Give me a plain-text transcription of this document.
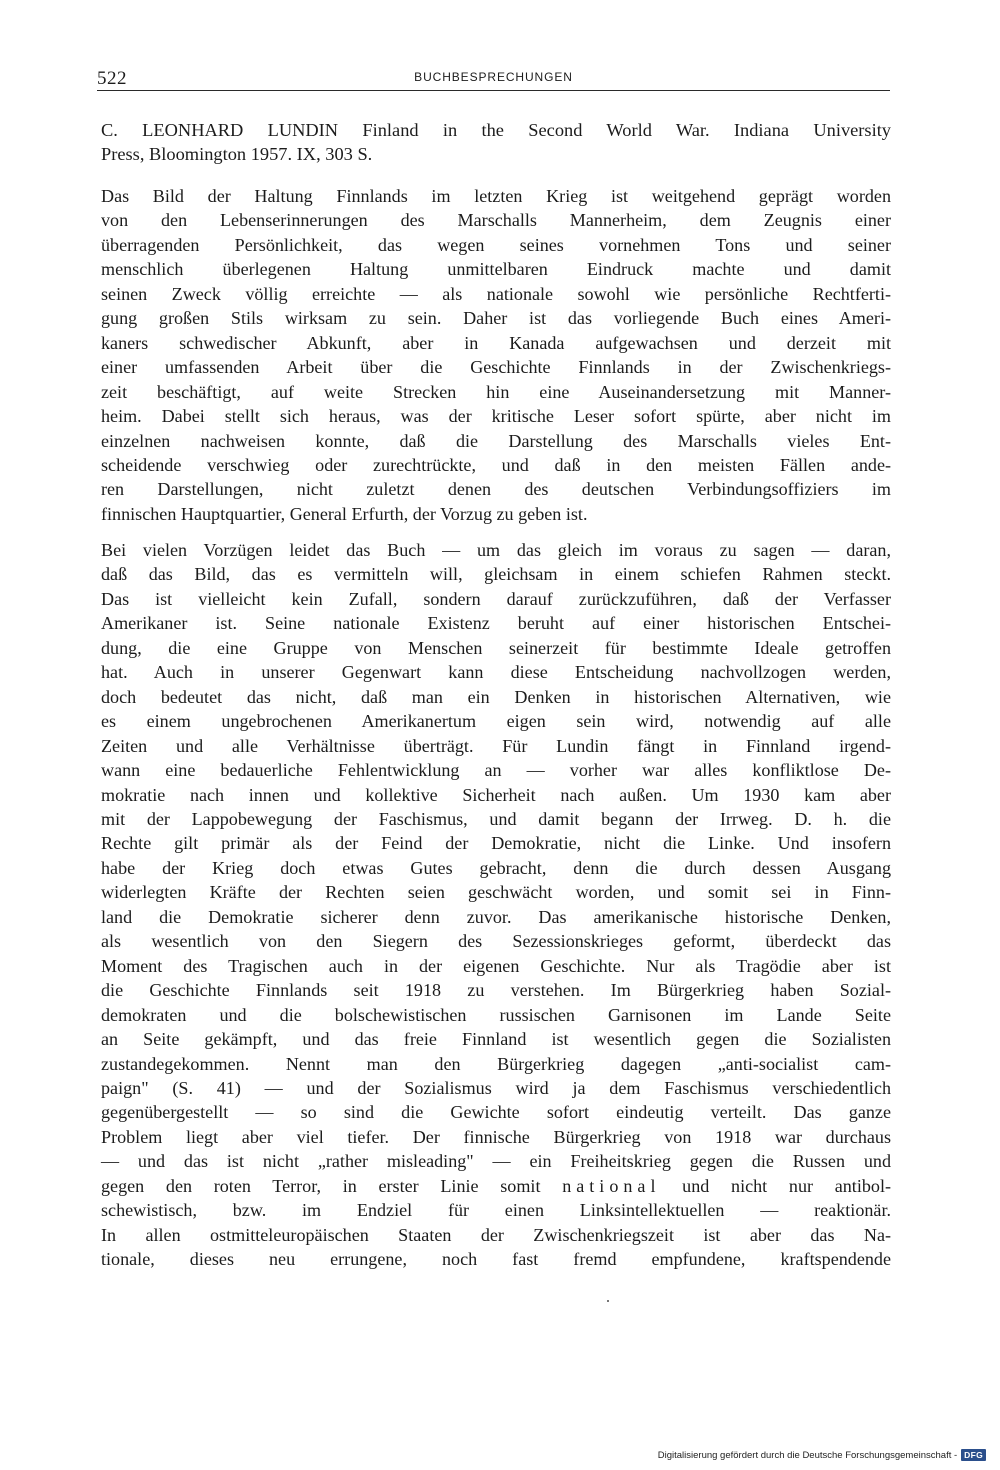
522	BUCHBESPRECHUNGEN
C. LEONHARD LUNDIN Finland in the Second World War. Indiana University
Press, Bloomington 1957. IX, 303 S.
Das Bild der Haltung Finnlands im letzten Krieg ist weitgehend geprägt worden
von den Lebenserinnerungen des Marschalls Mannerheim, dem Zeugnis einer
überragenden Persönlichkeit, das wegen seines vornehmen Tons und seiner
menschlich überlegenen Haltung unmittelbaren Eindruck machte und damit
seinen Zweck völlig erreichte — als nationale sowohl wie persönliche Rechtferti-
gung großen Stils wirksam zu sein. Daher ist das vorliegende Buch eines Ameri-
kaners schwedischer Abkunft, aber in Kanada aufgewachsen und derzeit mit
einer umfassenden Arbeit über die Geschichte Finnlands in der Zwischenkriegs-
zeit beschäftigt, auf weite Strecken hin eine Auseinandersetzung mit Manner-
heim. Dabei stellt sich heraus, was der kritische Leser sofort spürte, aber nicht im
einzelnen nachweisen konnte, daß die Darstellung des Marschalls vieles Ent-
scheidende verschwieg oder zurechtrückte, und daß in den meisten Fällen ande-
ren Darstellungen, nicht zuletzt denen des deutschen Verbindungsoffiziers im
finnischen Hauptquartier, General Erfurth, der Vorzug zu geben ist.
Bei vielen Vorzügen leidet das Buch — um das gleich im voraus zu sagen — daran,
daß das Bild, das es vermitteln will, gleichsam in einem schiefen Rahmen steckt.
Das ist vielleicht kein Zufall, sondern darauf zurückzuführen, daß der Verfasser
Amerikaner ist. Seine nationale Existenz beruht auf einer historischen Entschei-
dung, die eine Gruppe von Menschen seinerzeit für bestimmte Ideale getroffen
hat. Auch in unserer Gegenwart kann diese Entscheidung nachvollzogen werden,
doch bedeutet das nicht, daß man ein Denken in historischen Alternativen, wie
es einem ungebrochenen Amerikanertum eigen sein wird, notwendig auf alle
Zeiten und alle Verhältnisse überträgt. Für Lundin fängt in Finnland irgend-
wann eine bedauerliche Fehlentwicklung an — vorher war alles konfliktlose De-
mokratie nach innen und kollektive Sicherheit nach außen. Um 1930 kam aber
mit der Lappobewegung der Faschismus, und damit begann der Irrweg. D. h. die
Rechte gilt primär als der Feind der Demokratie, nicht die Linke. Und insofern
habe der Krieg doch etwas Gutes gebracht, denn die durch dessen Ausgang
widerlegten Kräfte der Rechten seien geschwächt worden, und somit sei in Finn-
land die Demokratie sicherer denn zuvor. Das amerikanische historische Denken,
als wesentlich von den Siegern des Sezessionskrieges geformt, überdeckt das
Moment des Tragischen auch in der eigenen Geschichte. Nur als Tragödie aber ist
die Geschichte Finnlands seit 1918 zu verstehen. Im Bürgerkrieg haben Sozial-
demokraten und die bolschewistischen russischen Garnisonen im Lande Seite
an Seite gekämpft, und das freie Finnland ist wesentlich gegen die Sozialisten
zustandegekommen. Nennt man den Bürgerkrieg dagegen „anti-socialist cam-
paign" (S. 41) — und der Sozialismus wird ja dem Faschismus verschiedentlich
gegenübergestellt — so sind die Gewichte sofort eindeutig verteilt. Das ganze
Problem liegt aber viel tiefer. Der finnische Bürgerkrieg von 1918 war durchaus
— und das ist nicht „rather misleading" — ein Freiheitskrieg gegen die Russen und
gegen den roten Terror, in erster Linie somit national und nicht nur antibol-
schewistisch, bzw. im Endziel für einen Linksintellektuellen — reaktionär.
In allen ostmitteleuropäischen Staaten der Zwischenkriegszeit ist aber das Na-
tionale, dieses neu errungene, noch fast fremd empfundene, kraftspendende
Digitalisierung gefördert durch die Deutsche Forschungsgemeinschaft - DFG
